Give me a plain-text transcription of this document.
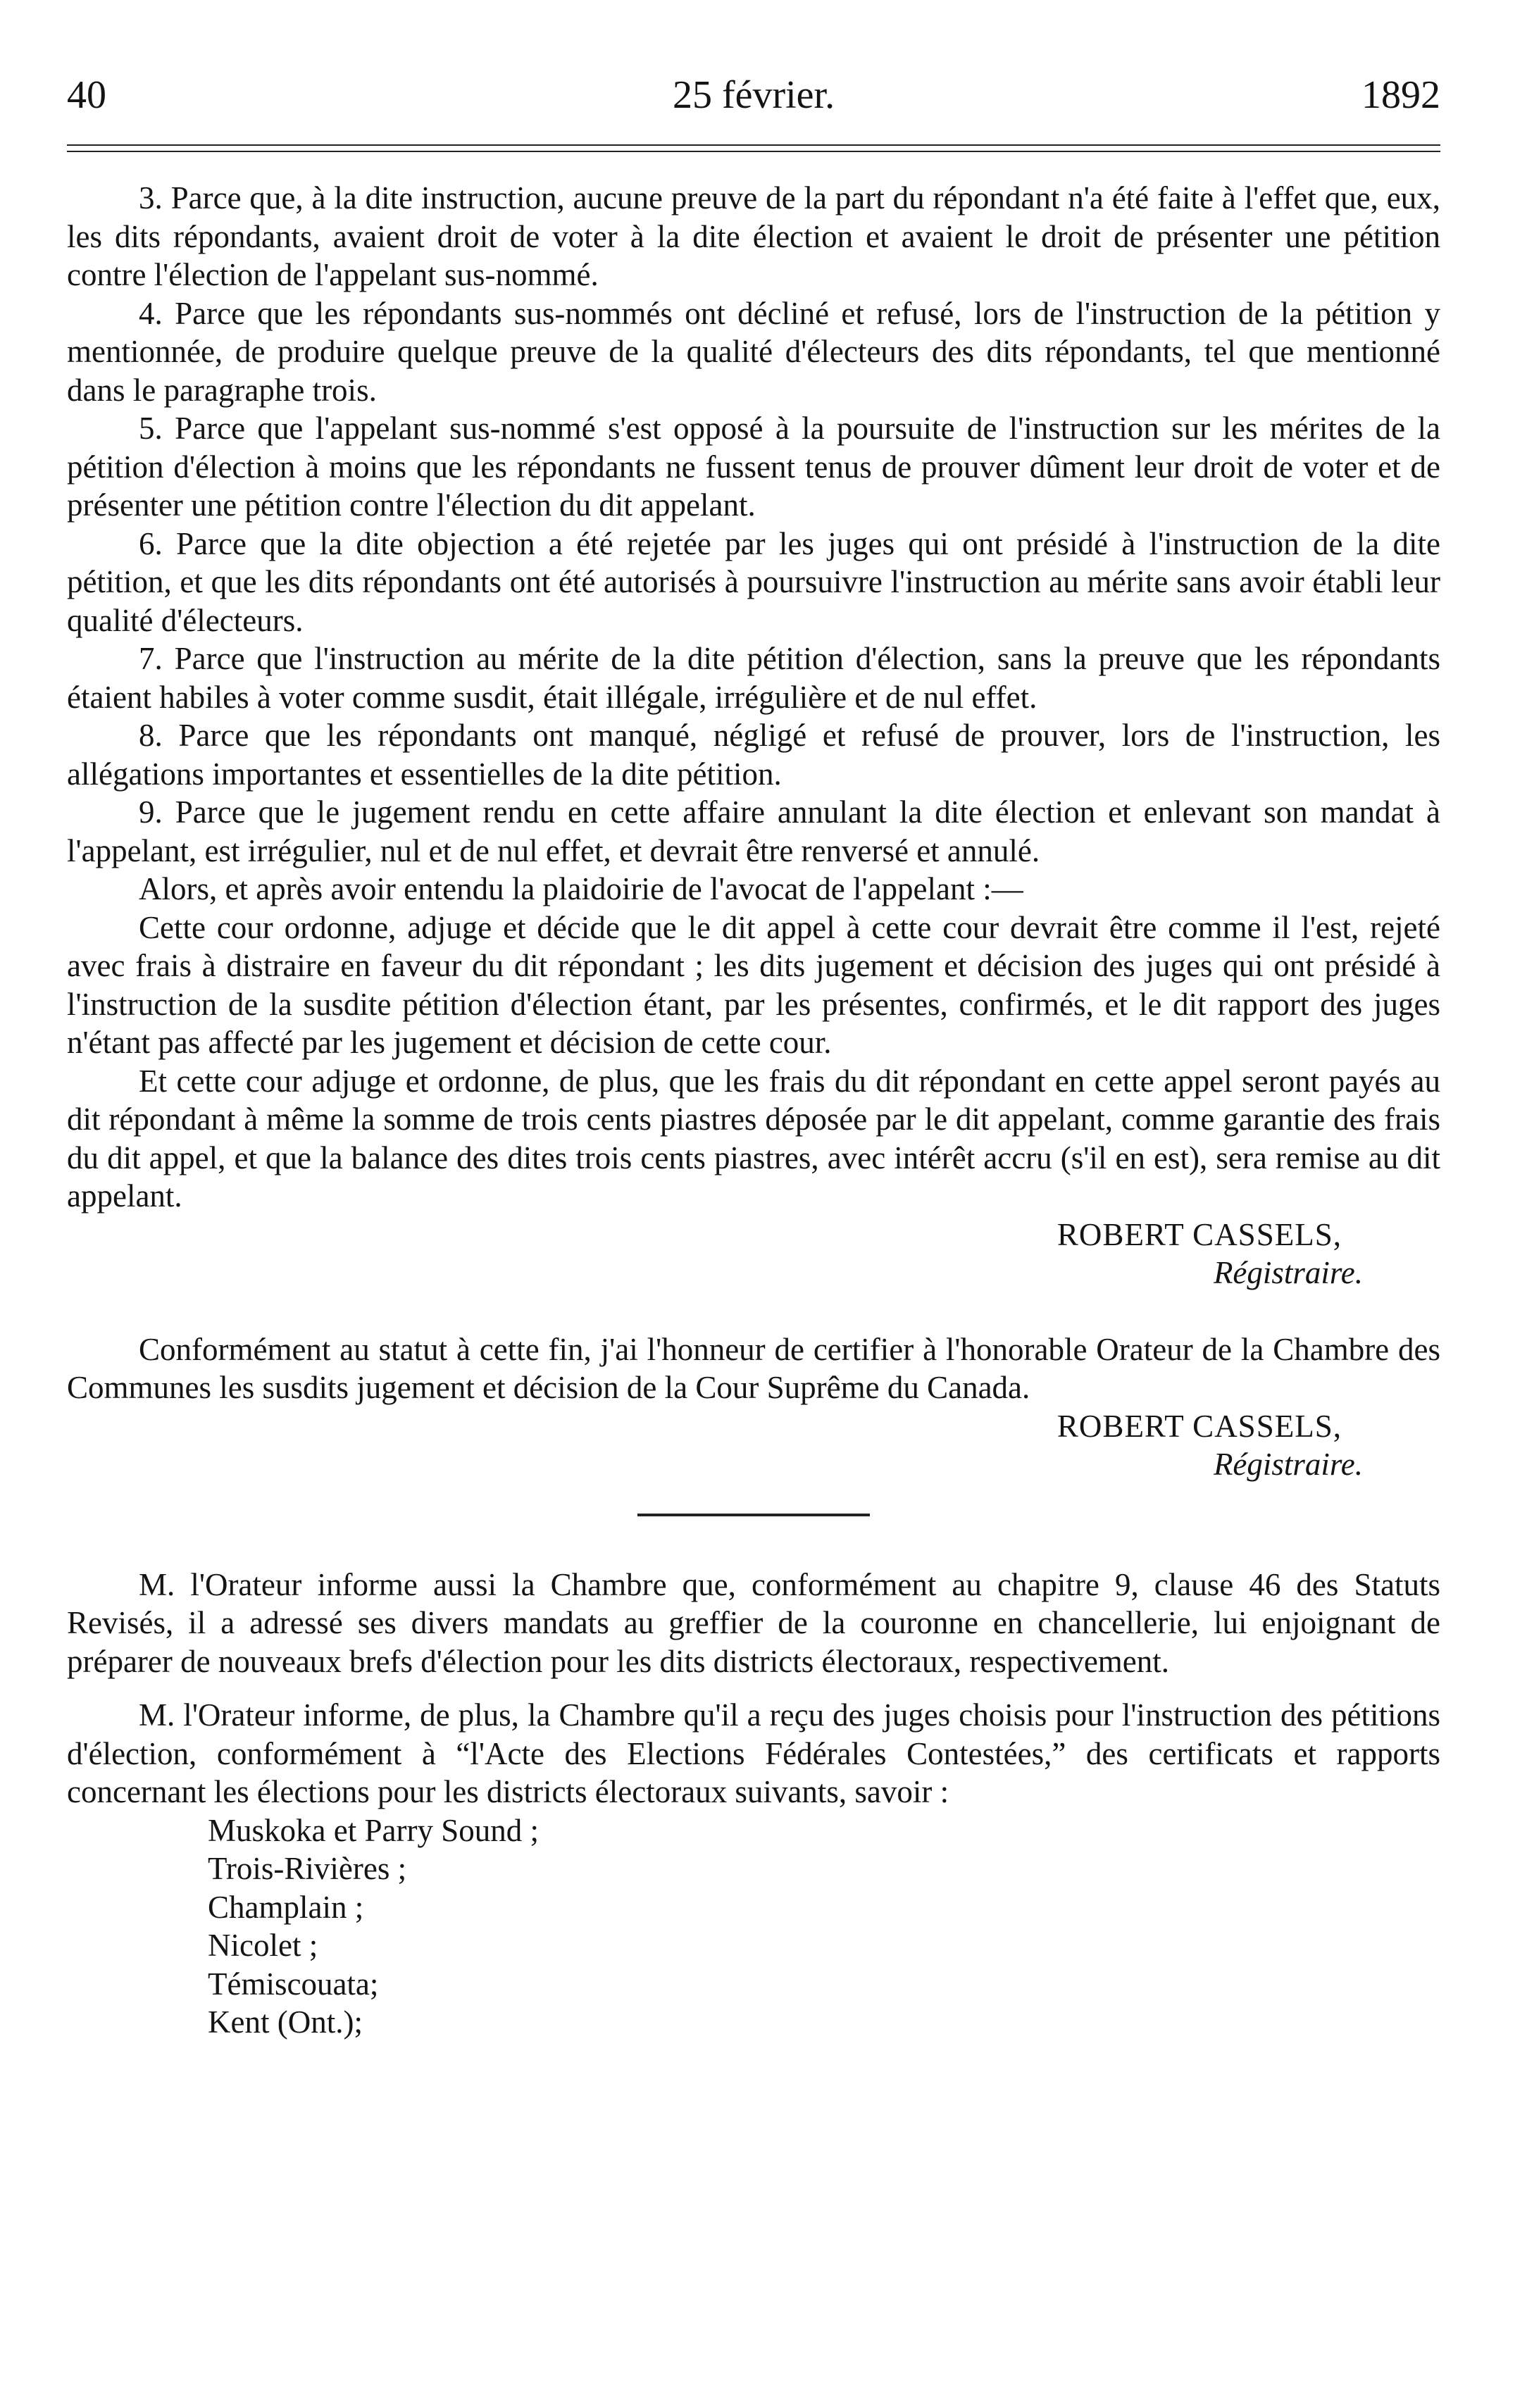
40	25 février.	1892

3. Parce que, à la dite instruction, aucune preuve de la part du répondant n'a été faite à l'effet que, eux, les dits répondants, avaient droit de voter à la dite élection et avaient le droit de présenter une pétition contre l'élection de l'appelant sus-nommé.

4. Parce que les répondants sus-nommés ont décliné et refusé, lors de l'instruction de la pétition y mentionnée, de produire quelque preuve de la qualité d'électeurs des dits répondants, tel que mentionné dans le paragraphe trois.

5. Parce que l'appelant sus-nommé s'est opposé à la poursuite de l'instruction sur les mérites de la pétition d'élection à moins que les répondants ne fussent tenus de prouver dûment leur droit de voter et de présenter une pétition contre l'élection du dit appelant.

6. Parce que la dite objection a été rejetée par les juges qui ont présidé à l'instruction de la dite pétition, et que les dits répondants ont été autorisés à poursuivre l'instruction au mérite sans avoir établi leur qualité d'électeurs.

7. Parce que l'instruction au mérite de la dite pétition d'élection, sans la preuve que les répondants étaient habiles à voter comme susdit, était illégale, irrégulière et de nul effet.

8. Parce que les répondants ont manqué, négligé et refusé de prouver, lors de l'instruction, les allégations importantes et essentielles de la dite pétition.

9. Parce que le jugement rendu en cette affaire annulant la dite élection et enlevant son mandat à l'appelant, est irrégulier, nul et de nul effet, et devrait être renversé et annulé.

Alors, et après avoir entendu la plaidoirie de l'avocat de l'appelant :—

Cette cour ordonne, adjuge et décide que le dit appel à cette cour devrait être comme il l'est, rejeté avec frais à distraire en faveur du dit répondant ; les dits jugement et décision des juges qui ont présidé à l'instruction de la susdite pétition d'élection étant, par les présentes, confirmés, et le dit rapport des juges n'étant pas affecté par les jugement et décision de cette cour.

Et cette cour adjuge et ordonne, de plus, que les frais du dit répondant en cette appel seront payés au dit répondant à même la somme de trois cents piastres déposée par le dit appelant, comme garantie des frais du dit appel, et que la balance des dites trois cents piastres, avec intérêt accru (s'il en est), sera remise au dit appelant.

ROBERT CASSELS,

Régistraire.

Conformément au statut à cette fin, j'ai l'honneur de certifier à l'honorable Orateur de la Chambre des Communes les susdits jugement et décision de la Cour Suprême du Canada.

ROBERT CASSELS,

Régistraire.

M. l'Orateur informe aussi la Chambre que, conformément au chapitre 9, clause 46 des Statuts Revisés, il a adressé ses divers mandats au greffier de la couronne en chancellerie, lui enjoignant de préparer de nouveaux brefs d'élection pour les dits districts électoraux, respectivement.

M. l'Orateur informe, de plus, la Chambre qu'il a reçu des juges choisis pour l'instruction des pétitions d'élection, conformément à “l'Acte des Elections Fédérales Contestées,” des certificats et rapports concernant les élections pour les districts électoraux suivants, savoir :

Muskoka et Parry Sound ;
Trois-Rivières ;
Champlain ;
Nicolet ;
Témiscouata;
Kent (Ont.);
